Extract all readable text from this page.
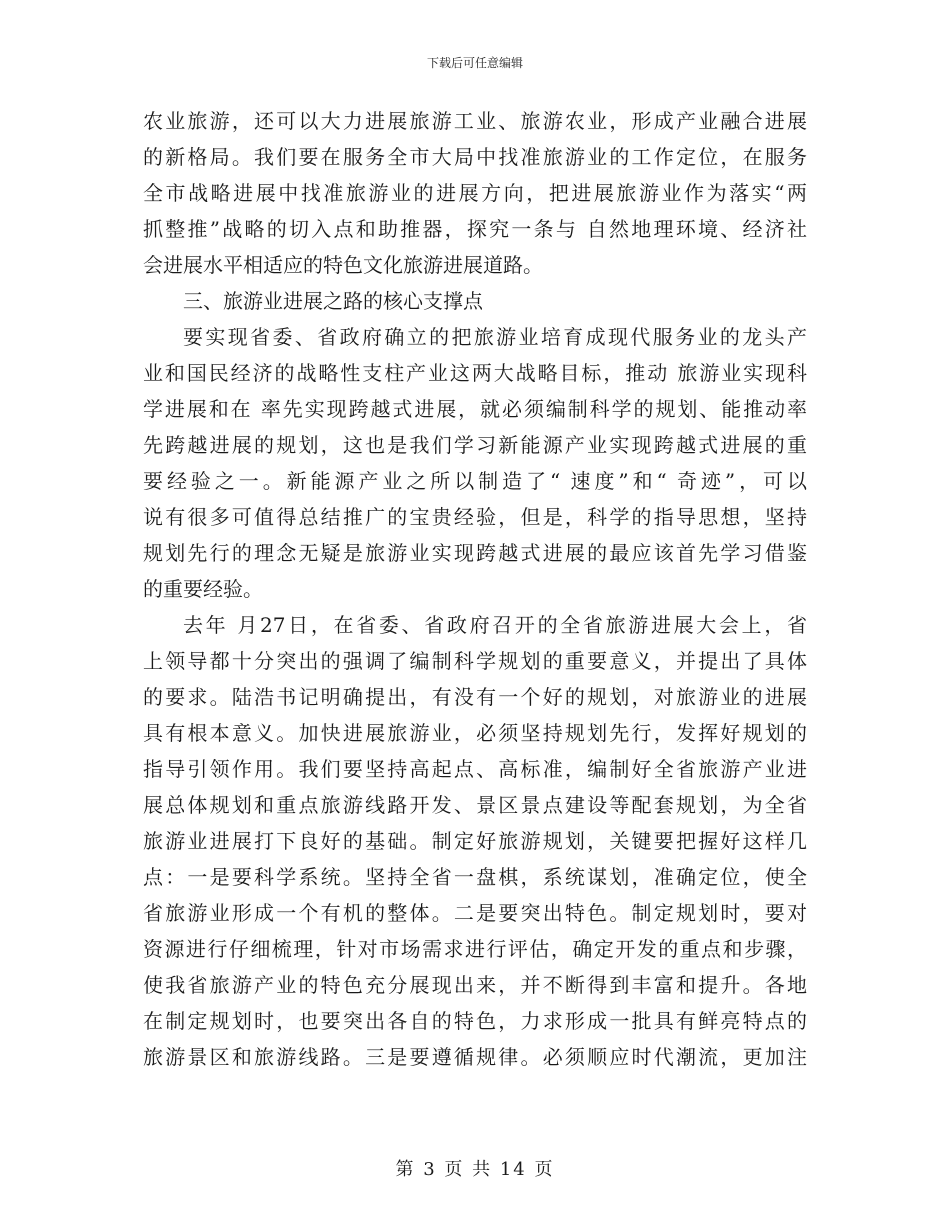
下载后可任意编辑
农业旅游，还可以大力进展旅游工业、旅游农业，形成产业融合进展
的新格局。我们要在服务全市大局中找准旅游业的工作定位，在服务
全市战略进展中找准旅游业的进展方向，把进展旅游业作为落实“两
抓整推”战略的切入点和助推器，探究一条与 自然地理环境、经济社
会进展水平相适应的特色文化旅游进展道路。
三、旅游业进展之路的核心支撑点
要实现省委、省政府确立的把旅游业培育成现代服务业的龙头产
业和国民经济的战略性支柱产业这两大战略目标，推动 旅游业实现科
学进展和在 率先实现跨越式进展，就必须编制科学的规划、能推动率
先跨越进展的规划，这也是我们学习新能源产业实现跨越式进展的重
要经验之一。新能源产业之所以制造了“ 速度”和“ 奇迹”，可以
说有很多可值得总结推广的宝贵经验，但是，科学的指导思想，坚持
规划先行的理念无疑是旅游业实现跨越式进展的最应该首先学习借鉴
的重要经验。
去年 月27日，在省委、省政府召开的全省旅游进展大会上，省
上领导都十分突出的强调了编制科学规划的重要意义，并提出了具体
的要求。陆浩书记明确提出，有没有一个好的规划，对旅游业的进展
具有根本意义。加快进展旅游业，必须坚持规划先行，发挥好规划的
指导引领作用。我们要坚持高起点、高标准，编制好全省旅游产业进
展总体规划和重点旅游线路开发、景区景点建设等配套规划，为全省
旅游业进展打下良好的基础。制定好旅游规划，关键要把握好这样几
点：一是要科学系统。坚持全省一盘棋，系统谋划，准确定位，使全
省旅游业形成一个有机的整体。二是要突出特色。制定规划时，要对
资源进行仔细梳理，针对市场需求进行评估，确定开发的重点和步骤，
使我省旅游产业的特色充分展现出来，并不断得到丰富和提升。各地
在制定规划时，也要突出各自的特色，力求形成一批具有鲜亮特点的
旅游景区和旅游线路。三是要遵循规律。必须顺应时代潮流，更加注
第 3 页 共 14 页
